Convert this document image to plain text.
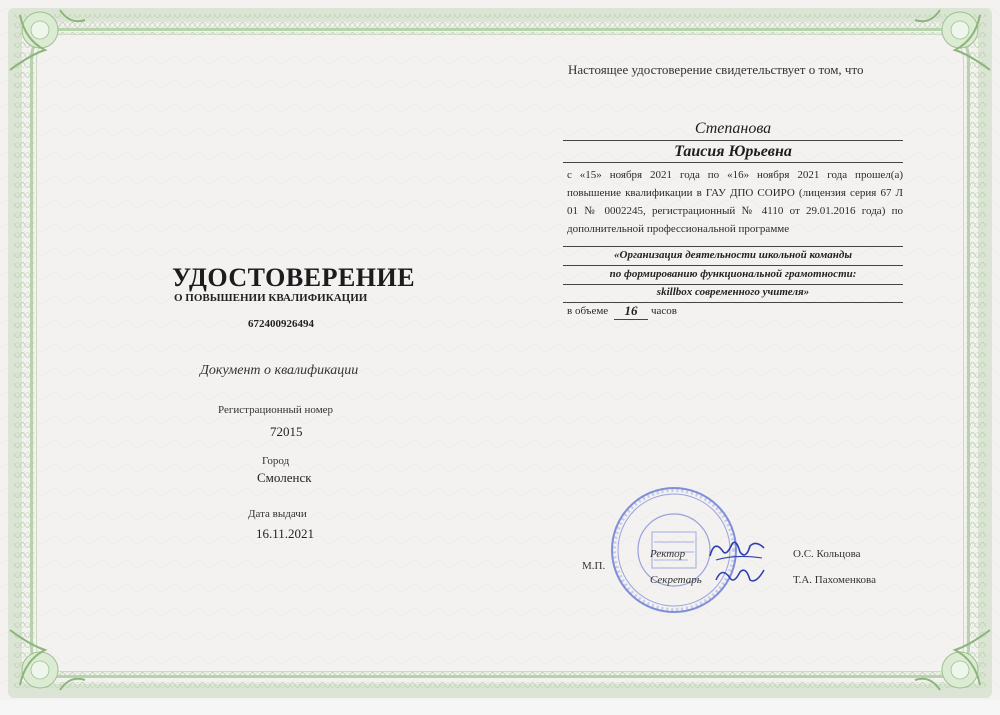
УДОСТОВЕРЕНИЕ
О ПОВЫШЕНИИ КВАЛИФИКАЦИИ
672400926494
Документ о квалификации
Регистрационный номер
72015
Город
Смоленск
Дата выдачи
16.11.2021
Настоящее удостоверение свидетельствует о том, что
Степанова
Таисия Юрьевна
с «15» ноября 2021 года по «16» ноября 2021 года прошел(а) повышение квалификации в ГАУ ДПО СОИРО (лицензия серия 67 Л 01 № 0002245, регистрационный № 4110 от 29.01.2016 года) по дополнительной профессиональной программе
«Организация деятельности школьной команды
по формированию функциональной грамотности:
skillbox современного учителя»
в объеме	16	часов
М.П.
Ректор	О.С. Кольцова
Секретарь	Т.А. Пахоменкова
